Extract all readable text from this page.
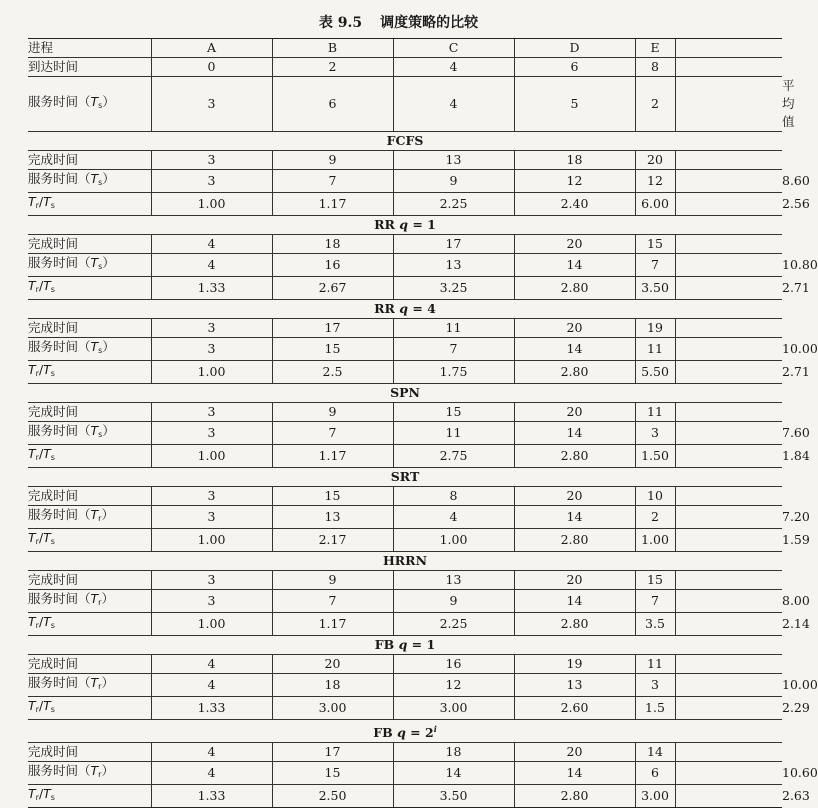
表 9.5 调度策略的比较
进程	A	B	C	D	E		
到达时间	0	2	4	6	8		
服务时间$(T_s)$	3	6	4	5	2		平均值
FCFS							
完成时间	3	9	13	18	20		
服务时间$(T_s)$	3	7	9	12	12		8.60
$T_r/T_s$	1.00	1.17	2.25	2.40	6.00		2.56
RR q = 1							
完成时间	4	18	17	20	15		
服务时间$(T_s)$	4	16	13	14	7		10.80
$T_r/T_s$	1.33	2.67	3.25	2.80	3.50		2.71
RR q = 4							
完成时间	3	17	11	20	19		
服务时间$(T_s)$	3	15	7	14	11		10.00
$T_r/T_s$	1.00	2.5	1.75	2.80	5.50		2.71
SPN							
完成时间	3	9	15	20	11		
服务时间$(T_s)$	3	7	11	14	3		7.60
$T_r/T_s$	1.00	1.17	2.75	2.80	1.50		1.84
SRT							
完成时间	3	15	8	20	10		
服务时间$(T_r)$	3	13	4	14	2		7.20
$T_r/T_s$	1.00	2.17	1.00	2.80	1.00		1.59
HRRN							
完成时间	3	9	13	20	15		
服务时间$(T_r)$	3	7	9	14	7		8.00
$T_r/T_s$	1.00	1.17	2.25	2.80	3.5		2.14
FB q = 1							
完成时间	4	20	16	19	11		
服务时间$(T_r)$	4	18	12	13	3		10.00
$T_r/T_s$	1.33	3.00	3.00	2.60	1.5		2.29
FB $q = 2^i$
完成时间	4	17	18	20	14		
服务时间$(T_r)$	4	15	14	14	6		10.60
$T_r/T_s$	1.33	2.50	3.50	2.80	3.00		2.63
